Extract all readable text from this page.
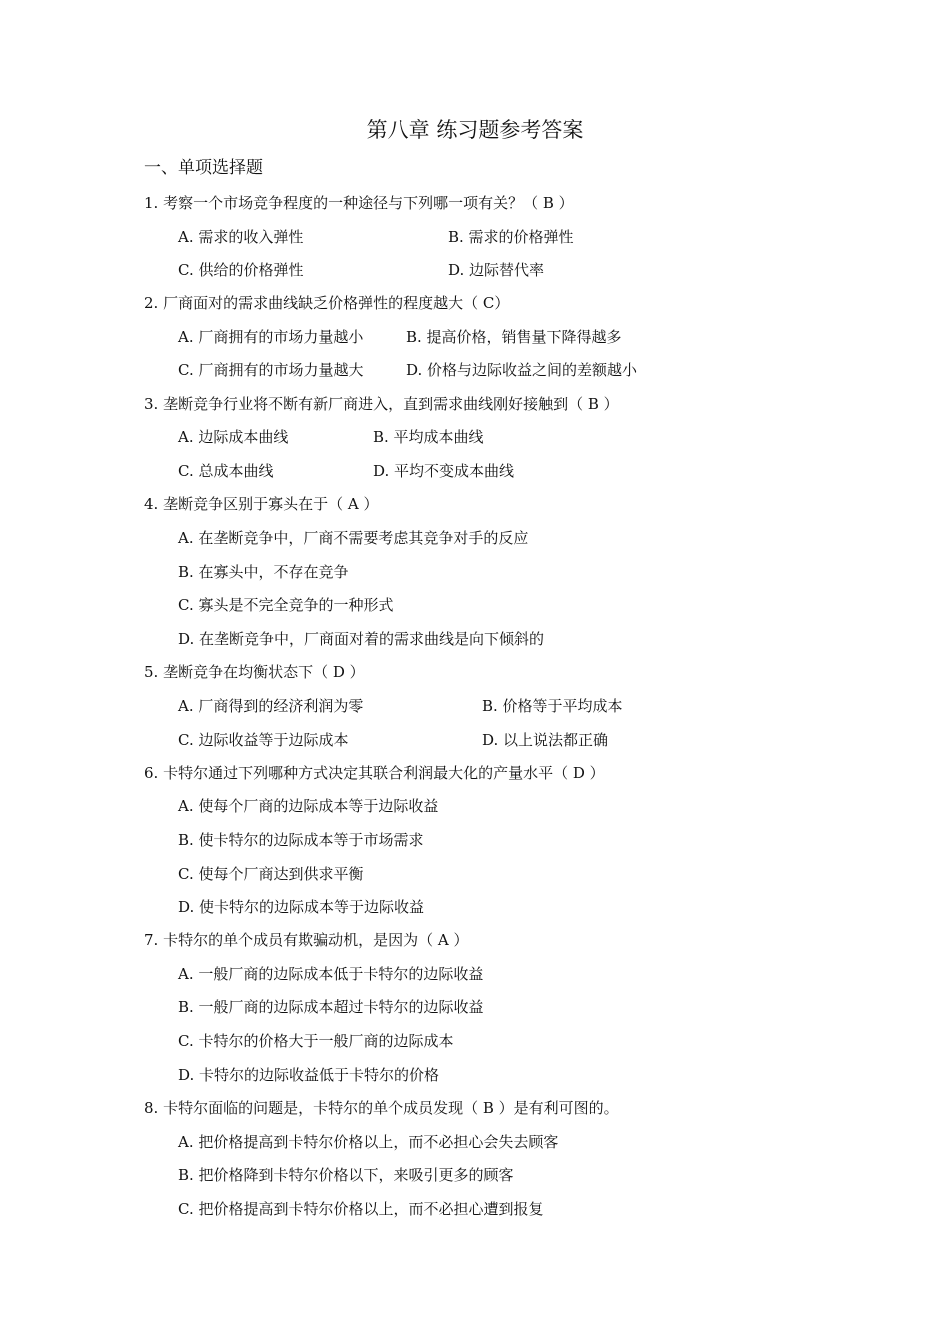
第八章 练习题参考答案
一、单项选择题
1. 考察一个市场竞争程度的一种途径与下列哪一项有关？（ B ）
A. 需求的收入弹性	B. 需求的价格弹性
C. 供给的价格弹性	D. 边际替代率
2. 厂商面对的需求曲线缺乏价格弹性的程度越大（ C）
A. 厂商拥有的市场力量越小	B. 提高价格，销售量下降得越多
C. 厂商拥有的市场力量越大	D. 价格与边际收益之间的差额越小
3. 垄断竞争行业将不断有新厂商进入，直到需求曲线刚好接触到（ B ）
A. 边际成本曲线	B. 平均成本曲线
C. 总成本曲线	D. 平均不变成本曲线
4. 垄断竞争区别于寡头在于（ A ）
A. 在垄断竞争中，厂商不需要考虑其竞争对手的反应
B. 在寡头中，不存在竞争
C. 寡头是不完全竞争的一种形式
D. 在垄断竞争中，厂商面对着的需求曲线是向下倾斜的
5. 垄断竞争在均衡状态下（ D ）
A. 厂商得到的经济利润为零	B. 价格等于平均成本
C. 边际收益等于边际成本	D. 以上说法都正确
6. 卡特尔通过下列哪种方式决定其联合利润最大化的产量水平（ D ）
A. 使每个厂商的边际成本等于边际收益
B. 使卡特尔的边际成本等于市场需求
C. 使每个厂商达到供求平衡
D. 使卡特尔的边际成本等于边际收益
7. 卡特尔的单个成员有欺骗动机，是因为（ A ）
A. 一般厂商的边际成本低于卡特尔的边际收益
B. 一般厂商的边际成本超过卡特尔的边际收益
C. 卡特尔的价格大于一般厂商的边际成本
D. 卡特尔的边际收益低于卡特尔的价格
8. 卡特尔面临的问题是，卡特尔的单个成员发现（ B ）是有利可图的。
A. 把价格提高到卡特尔价格以上，而不必担心会失去顾客
B. 把价格降到卡特尔价格以下，来吸引更多的顾客
C. 把价格提高到卡特尔价格以上，而不必担心遭到报复
